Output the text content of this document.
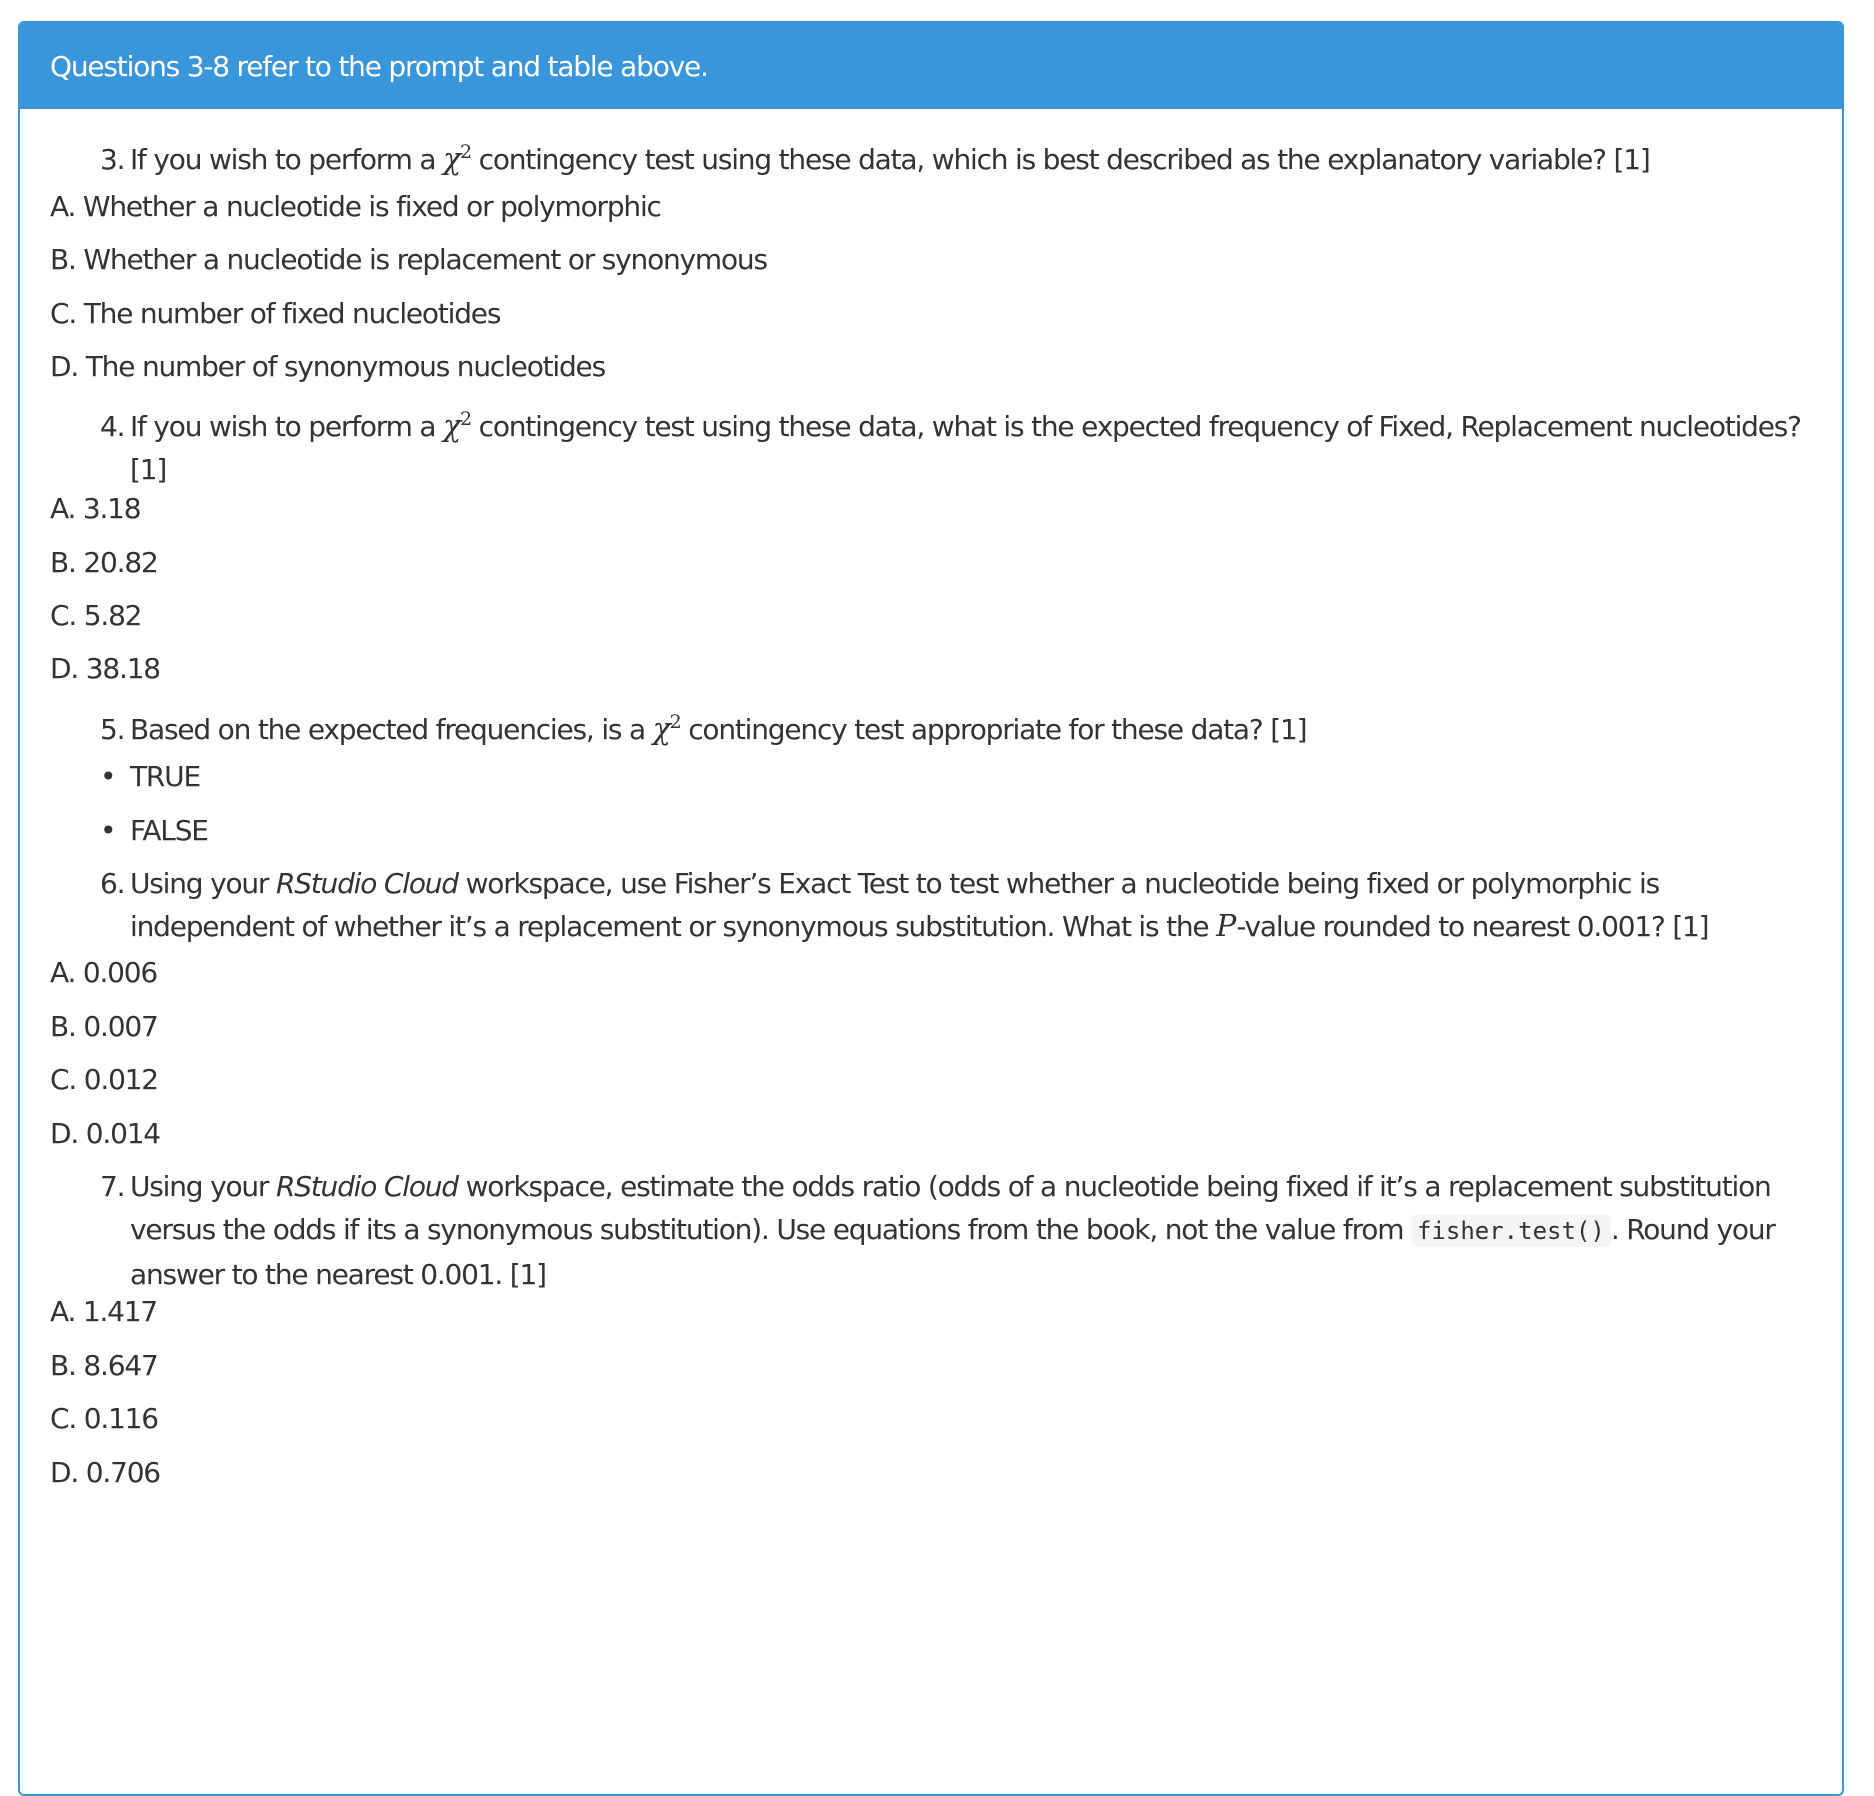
Questions 3-8 refer to the prompt and table above.
3. If you wish to perform a $\chi^2$ contingency test using these data, which is best described as the explanatory variable? [1]
A. Whether a nucleotide is fixed or polymorphic
B. Whether a nucleotide is replacement or synonymous
C. The number of fixed nucleotides
D. The number of synonymous nucleotides
4. If you wish to perform a $\chi^2$ contingency test using these data, what is the expected frequency of Fixed, Replacement nucleotides?
[1]
A. 3.18
B. 20.82
C. 5.82
D. 38.18
5. Based on the expected frequencies, is a $\chi^2$ contingency test appropriate for these data? [1]
• TRUE
• FALSE
6. Using your RStudio Cloud workspace, use Fisher’s Exact Test to test whether a nucleotide being fixed or polymorphic is
independent of whether it’s a replacement or synonymous substitution. What is the P-value rounded to nearest 0.001? [1]
A. 0.006
B. 0.007
C. 0.012
D. 0.014
7. Using your RStudio Cloud workspace, estimate the odds ratio (odds of a nucleotide being fixed if it’s a replacement substitution
versus the odds if its a synonymous substitution). Use equations from the book, not the value from fisher.test() . Round your
answer to the nearest 0.001. [1]
A. 1.417
B. 8.647
C. 0.116
D. 0.706
